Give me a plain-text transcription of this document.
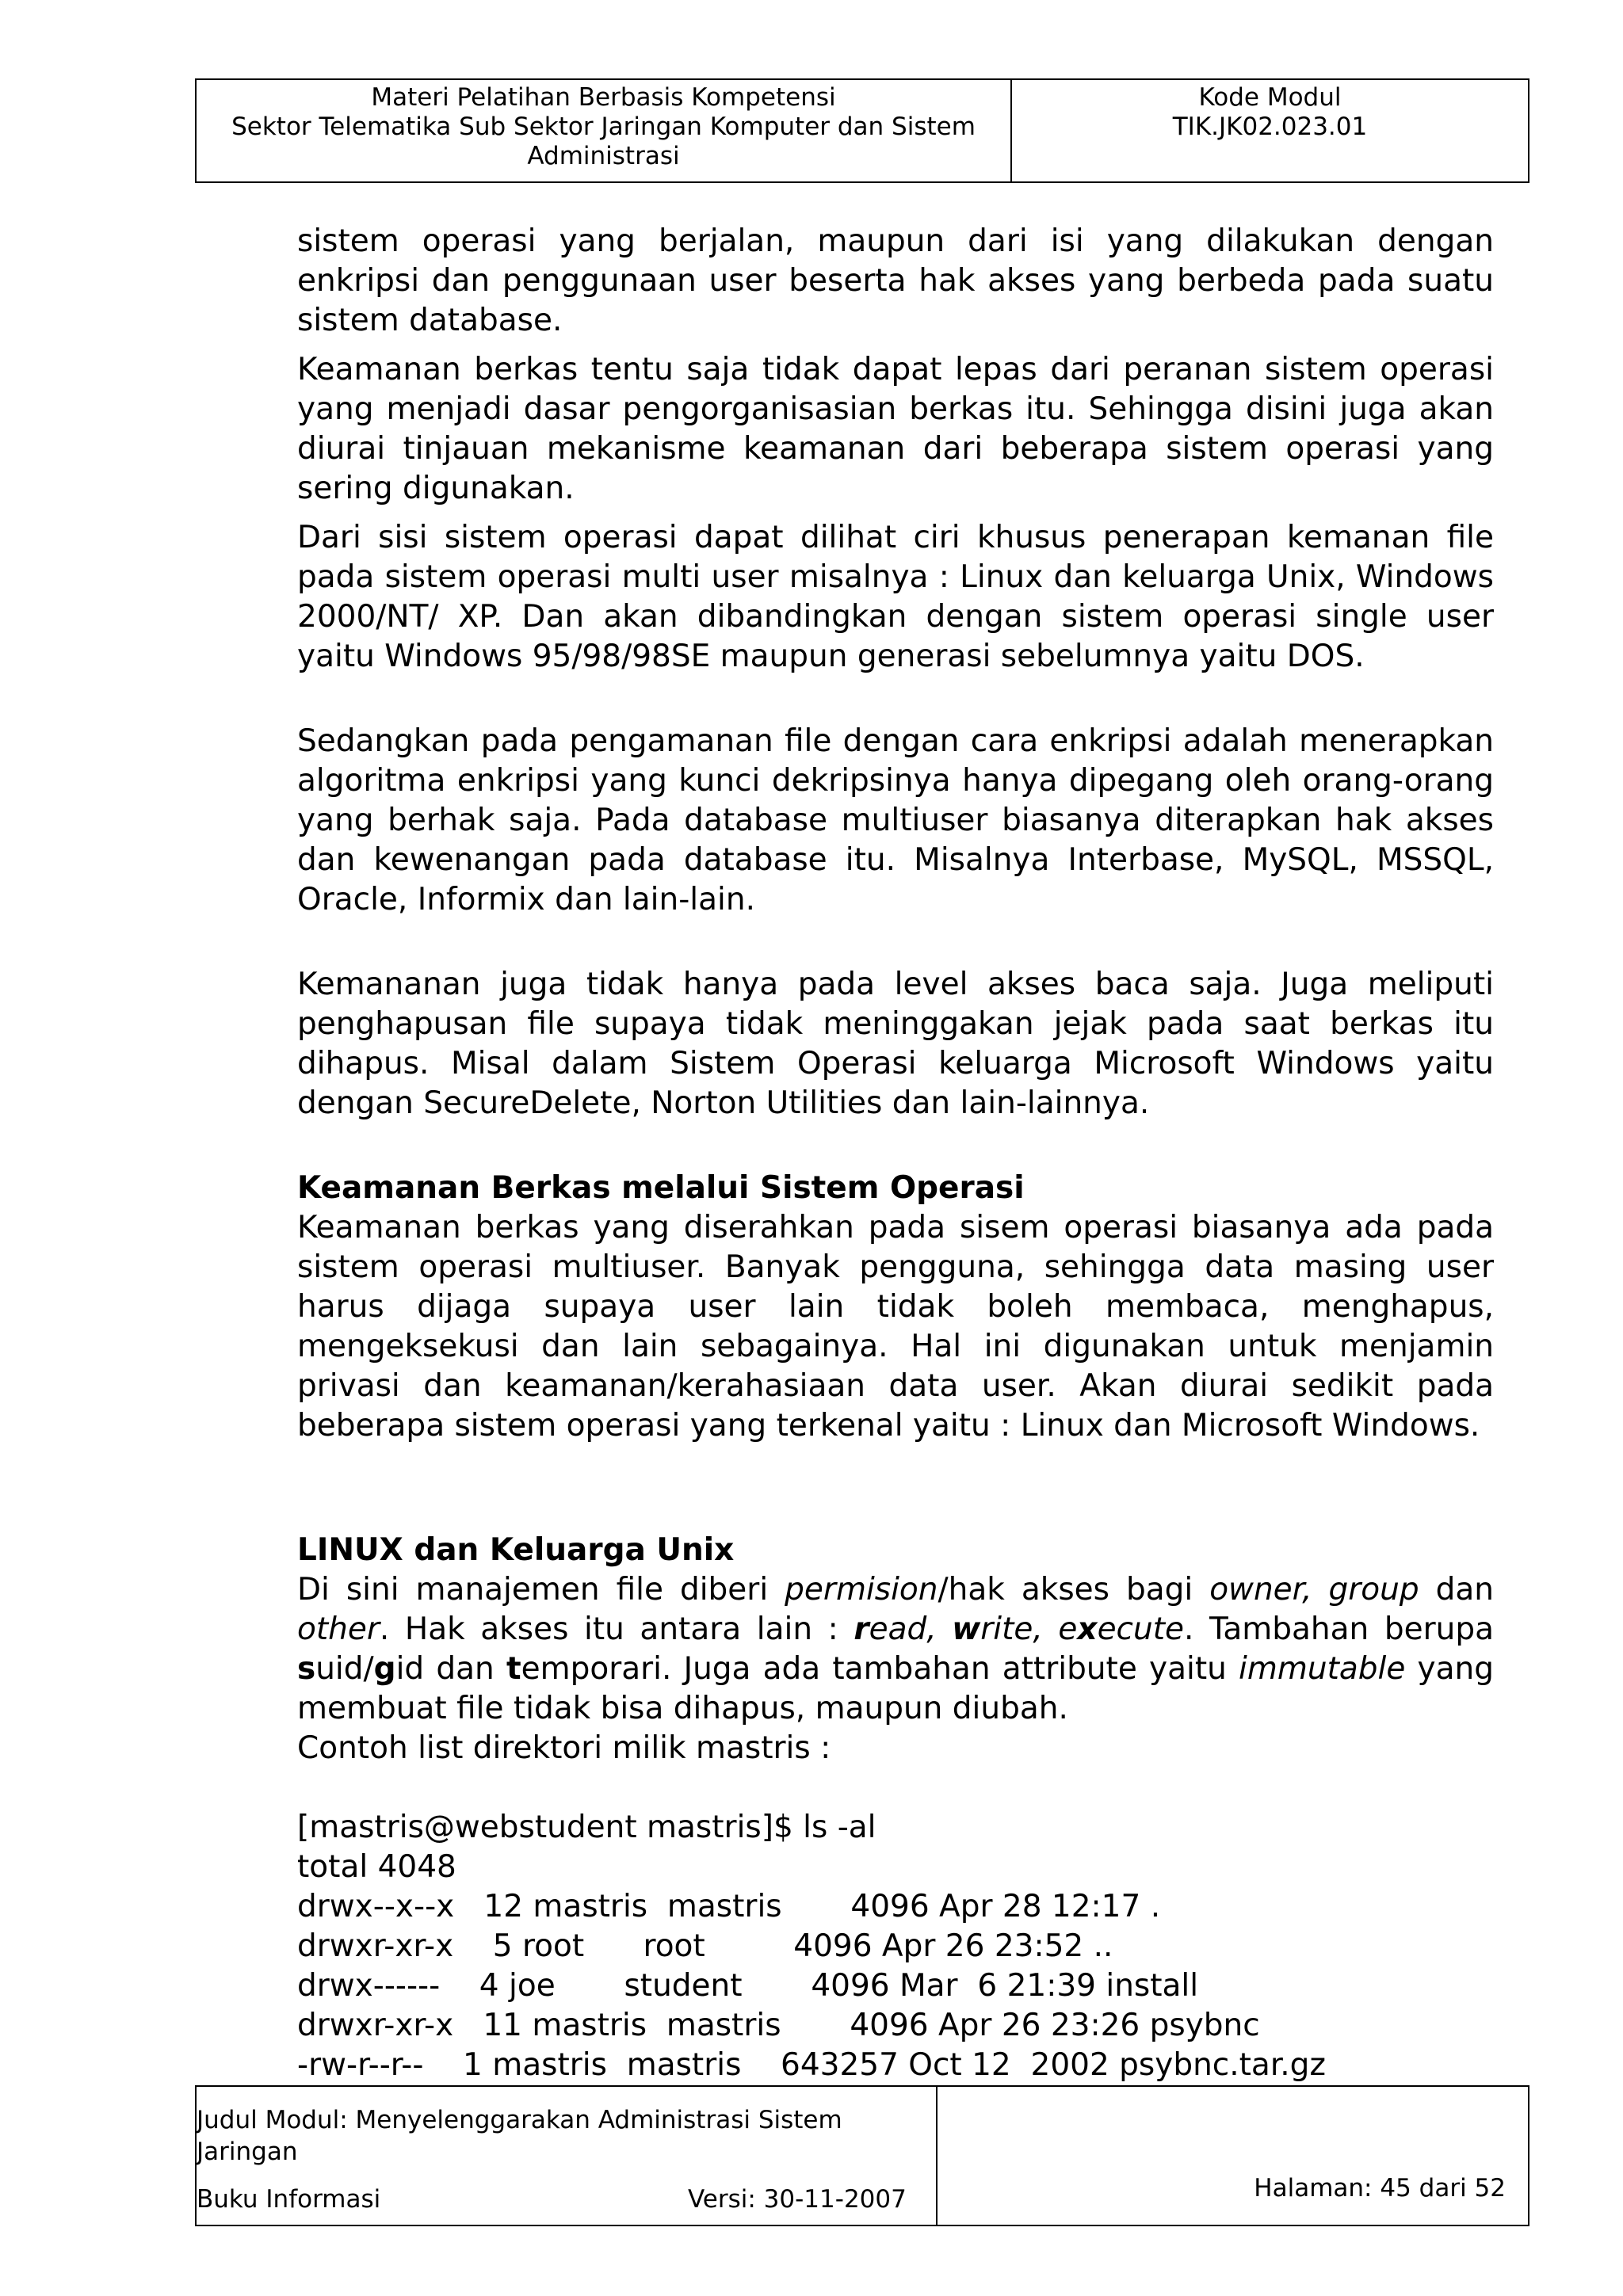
Materi Pelatihan Berbasis Kompetensi
Sektor Telematika Sub Sektor Jaringan Komputer dan Sistem
Administrasi
Kode Modul
TIK.JK02.023.01

sistem operasi yang berjalan, maupun dari isi yang dilakukan dengan enkripsi dan penggunaan user beserta hak akses yang berbeda pada suatu sistem database.

Keamanan berkas tentu saja tidak dapat lepas dari peranan sistem operasi yang menjadi dasar pengorganisasian berkas itu. Sehingga disini juga akan diurai tinjauan mekanisme keamanan dari beberapa sistem operasi yang sering digunakan.

Dari sisi sistem operasi dapat dilihat ciri khusus penerapan kemanan file pada sistem operasi multi user misalnya : Linux dan keluarga Unix, Windows 2000/NT/ XP. Dan akan dibandingkan dengan sistem operasi single user yaitu Windows 95/98/98SE maupun generasi sebelumnya yaitu DOS.

Sedangkan pada pengamanan file dengan cara enkripsi adalah menerapkan algoritma enkripsi yang kunci dekripsinya hanya dipegang oleh orang-orang yang berhak saja. Pada database multiuser biasanya diterapkan hak akses dan kewenangan pada database itu. Misalnya Interbase, MySQL, MSSQL, Oracle, Informix dan lain-lain.

Kemananan juga tidak hanya pada level akses baca saja. Juga meliputi penghapusan file supaya tidak meninggakan jejak pada saat berkas itu dihapus. Misal dalam Sistem Operasi keluarga Microsoft Windows yaitu dengan SecureDelete, Norton Utilities dan lain-lainnya.

Keamanan Berkas melalui Sistem Operasi

Keamanan berkas yang diserahkan pada sisem operasi biasanya ada pada sistem operasi multiuser. Banyak pengguna, sehingga data masing user harus dijaga supaya user lain tidak boleh membaca, menghapus, mengeksekusi dan lain sebagainya. Hal ini digunakan untuk menjamin privasi dan keamanan/kerahasiaan data user. Akan diurai sedikit pada beberapa sistem operasi yang terkenal yaitu : Linux dan Microsoft Windows.

LINUX dan Keluarga Unix

Di sini manajemen file diberi permision/hak akses bagi owner, group dan other. Hak akses itu antara lain : read, write, execute. Tambahan berupa suid/gid dan temporari. Juga ada tambahan attribute yaitu immutable yang membuat file tidak bisa dihapus, maupun diubah.

Contoh list direktori milik mastris :

[mastris@webstudent mastris]$ ls -al

total 4048

drwx--x--x   12 mastris  mastris       4096 Apr 28 12:17 .

drwxr-xr-x    5 root      root         4096 Apr 26 23:52 ..

drwx------    4 joe       student       4096 Mar  6 21:39 install

drwxr-xr-x   11 mastris  mastris       4096 Apr 26 23:26 psybnc

-rw-r--r--    1 mastris  mastris    643257 Oct 12  2002 psybnc.tar.gz

Judul Modul: Menyelenggarakan Administrasi Sistem Jaringan
Buku Informasi	Versi: 30-11-2007	Halaman: 45 dari 52
